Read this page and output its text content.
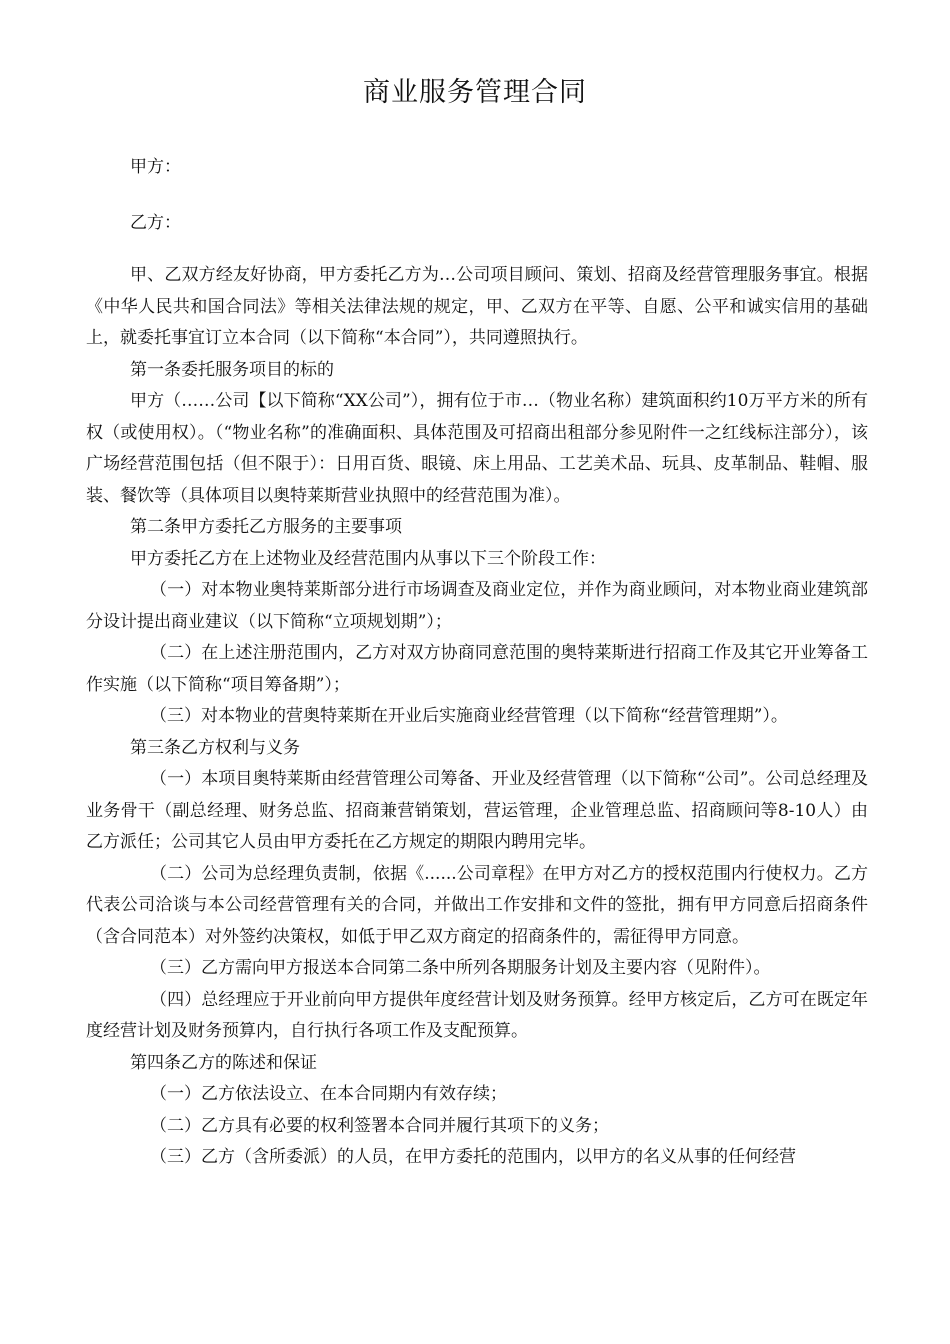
商业服务管理合同
甲方：
乙方：

甲、乙双方经友好协商，甲方委托乙方为…公司项目顾问、策划、招商及经营管理服务事宜。根据《中华人民共和国合同法》等相关法律法规的规定，甲、乙双方在平等、自愿、公平和诚实信用的基础上，就委托事宜订立本合同（以下简称“本合同”），共同遵照执行。

第一条委托服务项目的标的

甲方（……公司【以下简称“XX公司”），拥有位于市…（物业名称）建筑面积约10万平方米的所有权（或使用权）。（“物业名称”的准确面积、具体范围及可招商出租部分参见附件一之红线标注部分），该广场经营范围包括（但不限于）：日用百货、眼镜、床上用品、工艺美术品、玩具、皮革制品、鞋帽、服装、餐饮等（具体项目以奥特莱斯营业执照中的经营范围为准）。

第二条甲方委托乙方服务的主要事项

甲方委托乙方在上述物业及经营范围内从事以下三个阶段工作：

（一）对本物业奥特莱斯部分进行市场调查及商业定位，并作为商业顾问，对本物业商业建筑部分设计提出商业建议（以下简称“立项规划期”）；

（二）在上述注册范围内，乙方对双方协商同意范围的奥特莱斯进行招商工作及其它开业筹备工作实施（以下简称“项目筹备期”）；

（三）对本物业的营奥特莱斯在开业后实施商业经营管理（以下简称“经营管理期”）。

第三条乙方权利与义务

（一）本项目奥特莱斯由经营管理公司筹备、开业及经营管理（以下简称“公司”。公司总经理及业务骨干（副总经理、财务总监、招商兼营销策划，营运管理，企业管理总监、招商顾问等8-10人）由乙方派任；公司其它人员由甲方委托在乙方规定的期限内聘用完毕。

（二）公司为总经理负责制，依据《......公司章程》在甲方对乙方的授权范围内行使权力。乙方代表公司洽谈与本公司经营管理有关的合同，并做出工作安排和文件的签批，拥有甲方同意后招商条件（含合同范本）对外签约决策权，如低于甲乙双方商定的招商条件的，需征得甲方同意。

（三）乙方需向甲方报送本合同第二条中所列各期服务计划及主要内容（见附件）。

（四）总经理应于开业前向甲方提供年度经营计划及财务预算。经甲方核定后，乙方可在既定年度经营计划及财务预算内，自行执行各项工作及支配预算。

第四条乙方的陈述和保证

（一）乙方依法设立、在本合同期内有效存续；

（二）乙方具有必要的权利签署本合同并履行其项下的义务；

（三）乙方（含所委派）的人员，在甲方委托的范围内，以甲方的名义从事的任何经营
